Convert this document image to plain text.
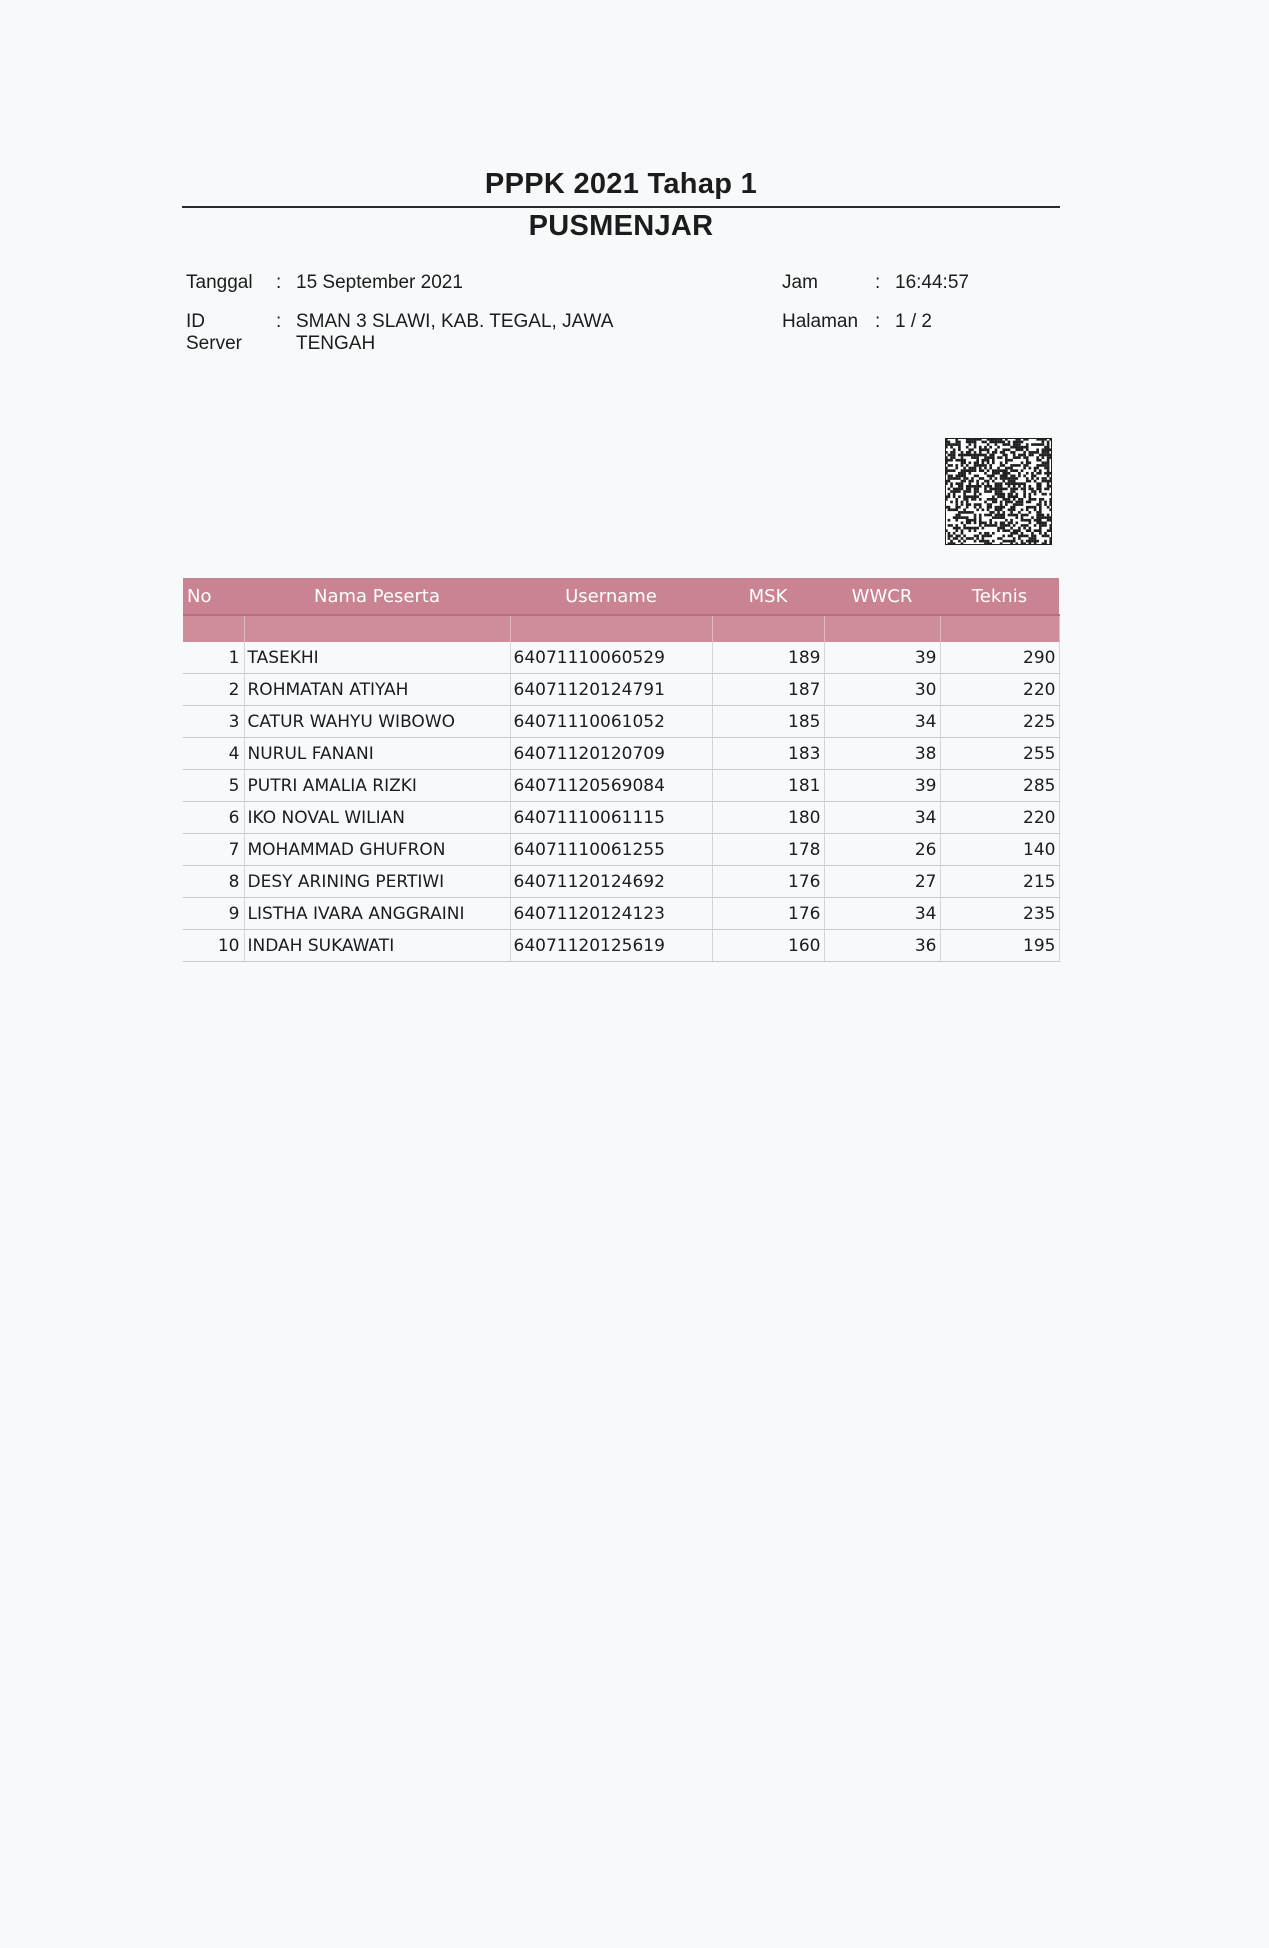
PPPK 2021 Tahap 1
PUSMENJAR
Tanggal : 15 September 2021
ID
Server
: SMAN 3 SLAWI, KAB. TEGAL, JAWA
TENGAH
Jam	: 16:44:57
Halaman : 1 / 2
No	Nama Peserta	Username	MSK	WWCR	Teknis

1	TASEKHI	64071110060529	189	39	290
2	ROHMATAN ATIYAH	64071120124791	187	30	220
3	CATUR WAHYU WIBOWO	64071110061052	185	34	225
4	NURUL FANANI	64071120120709	183	38	255
5	PUTRI AMALIA RIZKI	64071120569084	181	39	285
6	IKO NOVAL WILIAN	64071110061115	180	34	220
7	MOHAMMAD GHUFRON	64071110061255	178	26	140
8	DESY ARINING PERTIWI	64071120124692	176	27	215
9	LISTHA IVARA ANGGRAINI	64071120124123	176	34	235
10	INDAH SUKAWATI	64071120125619	160	36	195
